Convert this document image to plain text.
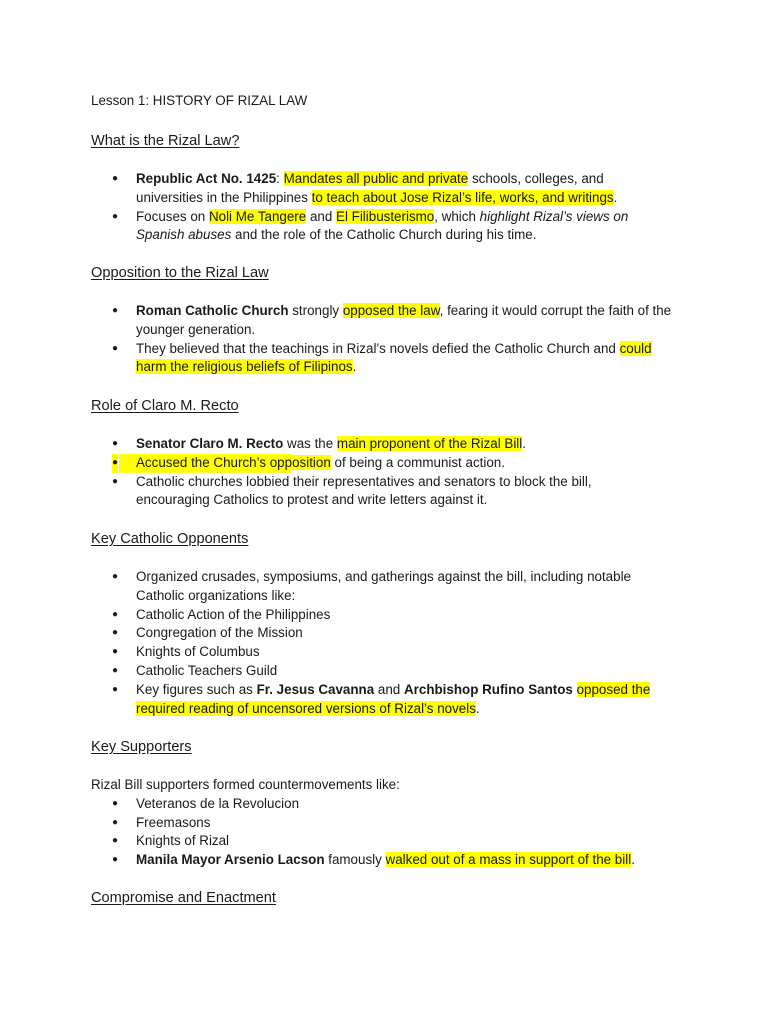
Lesson 1: HISTORY OF RIZAL LAW
What is the Rizal Law?
● Republic Act No. 1425: Mandates all public and private schools, colleges, and universities in the Philippines to teach about Jose Rizal’s life, works, and writings.
● Focuses on Noli Me Tangere and El Filibusterismo, which highlight Rizal’s views on Spanish abuses and the role of the Catholic Church during his time.
Opposition to the Rizal Law
● Roman Catholic Church strongly opposed the law, fearing it would corrupt the faith of the younger generation.
● They believed that the teachings in Rizal’s novels defied the Catholic Church and could harm the religious beliefs of Filipinos.
Role of Claro M. Recto
● Senator Claro M. Recto was the main proponent of the Rizal Bill.
● Accused the Church’s opposition of being a communist action.
● Catholic churches lobbied their representatives and senators to block the bill, encouraging Catholics to protest and write letters against it.
Key Catholic Opponents
● Organized crusades, symposiums, and gatherings against the bill, including notable Catholic organizations like:
● Catholic Action of the Philippines
● Congregation of the Mission
● Knights of Columbus
● Catholic Teachers Guild
● Key figures such as Fr. Jesus Cavanna and Archbishop Rufino Santos opposed the required reading of uncensored versions of Rizal’s novels.
Key Supporters

Rizal Bill supporters formed countermovements like:

● Veteranos de la Revolucion
● Freemasons
● Knights of Rizal
● Manila Mayor Arsenio Lacson famously walked out of a mass in support of the bill.
Compromise and Enactment
